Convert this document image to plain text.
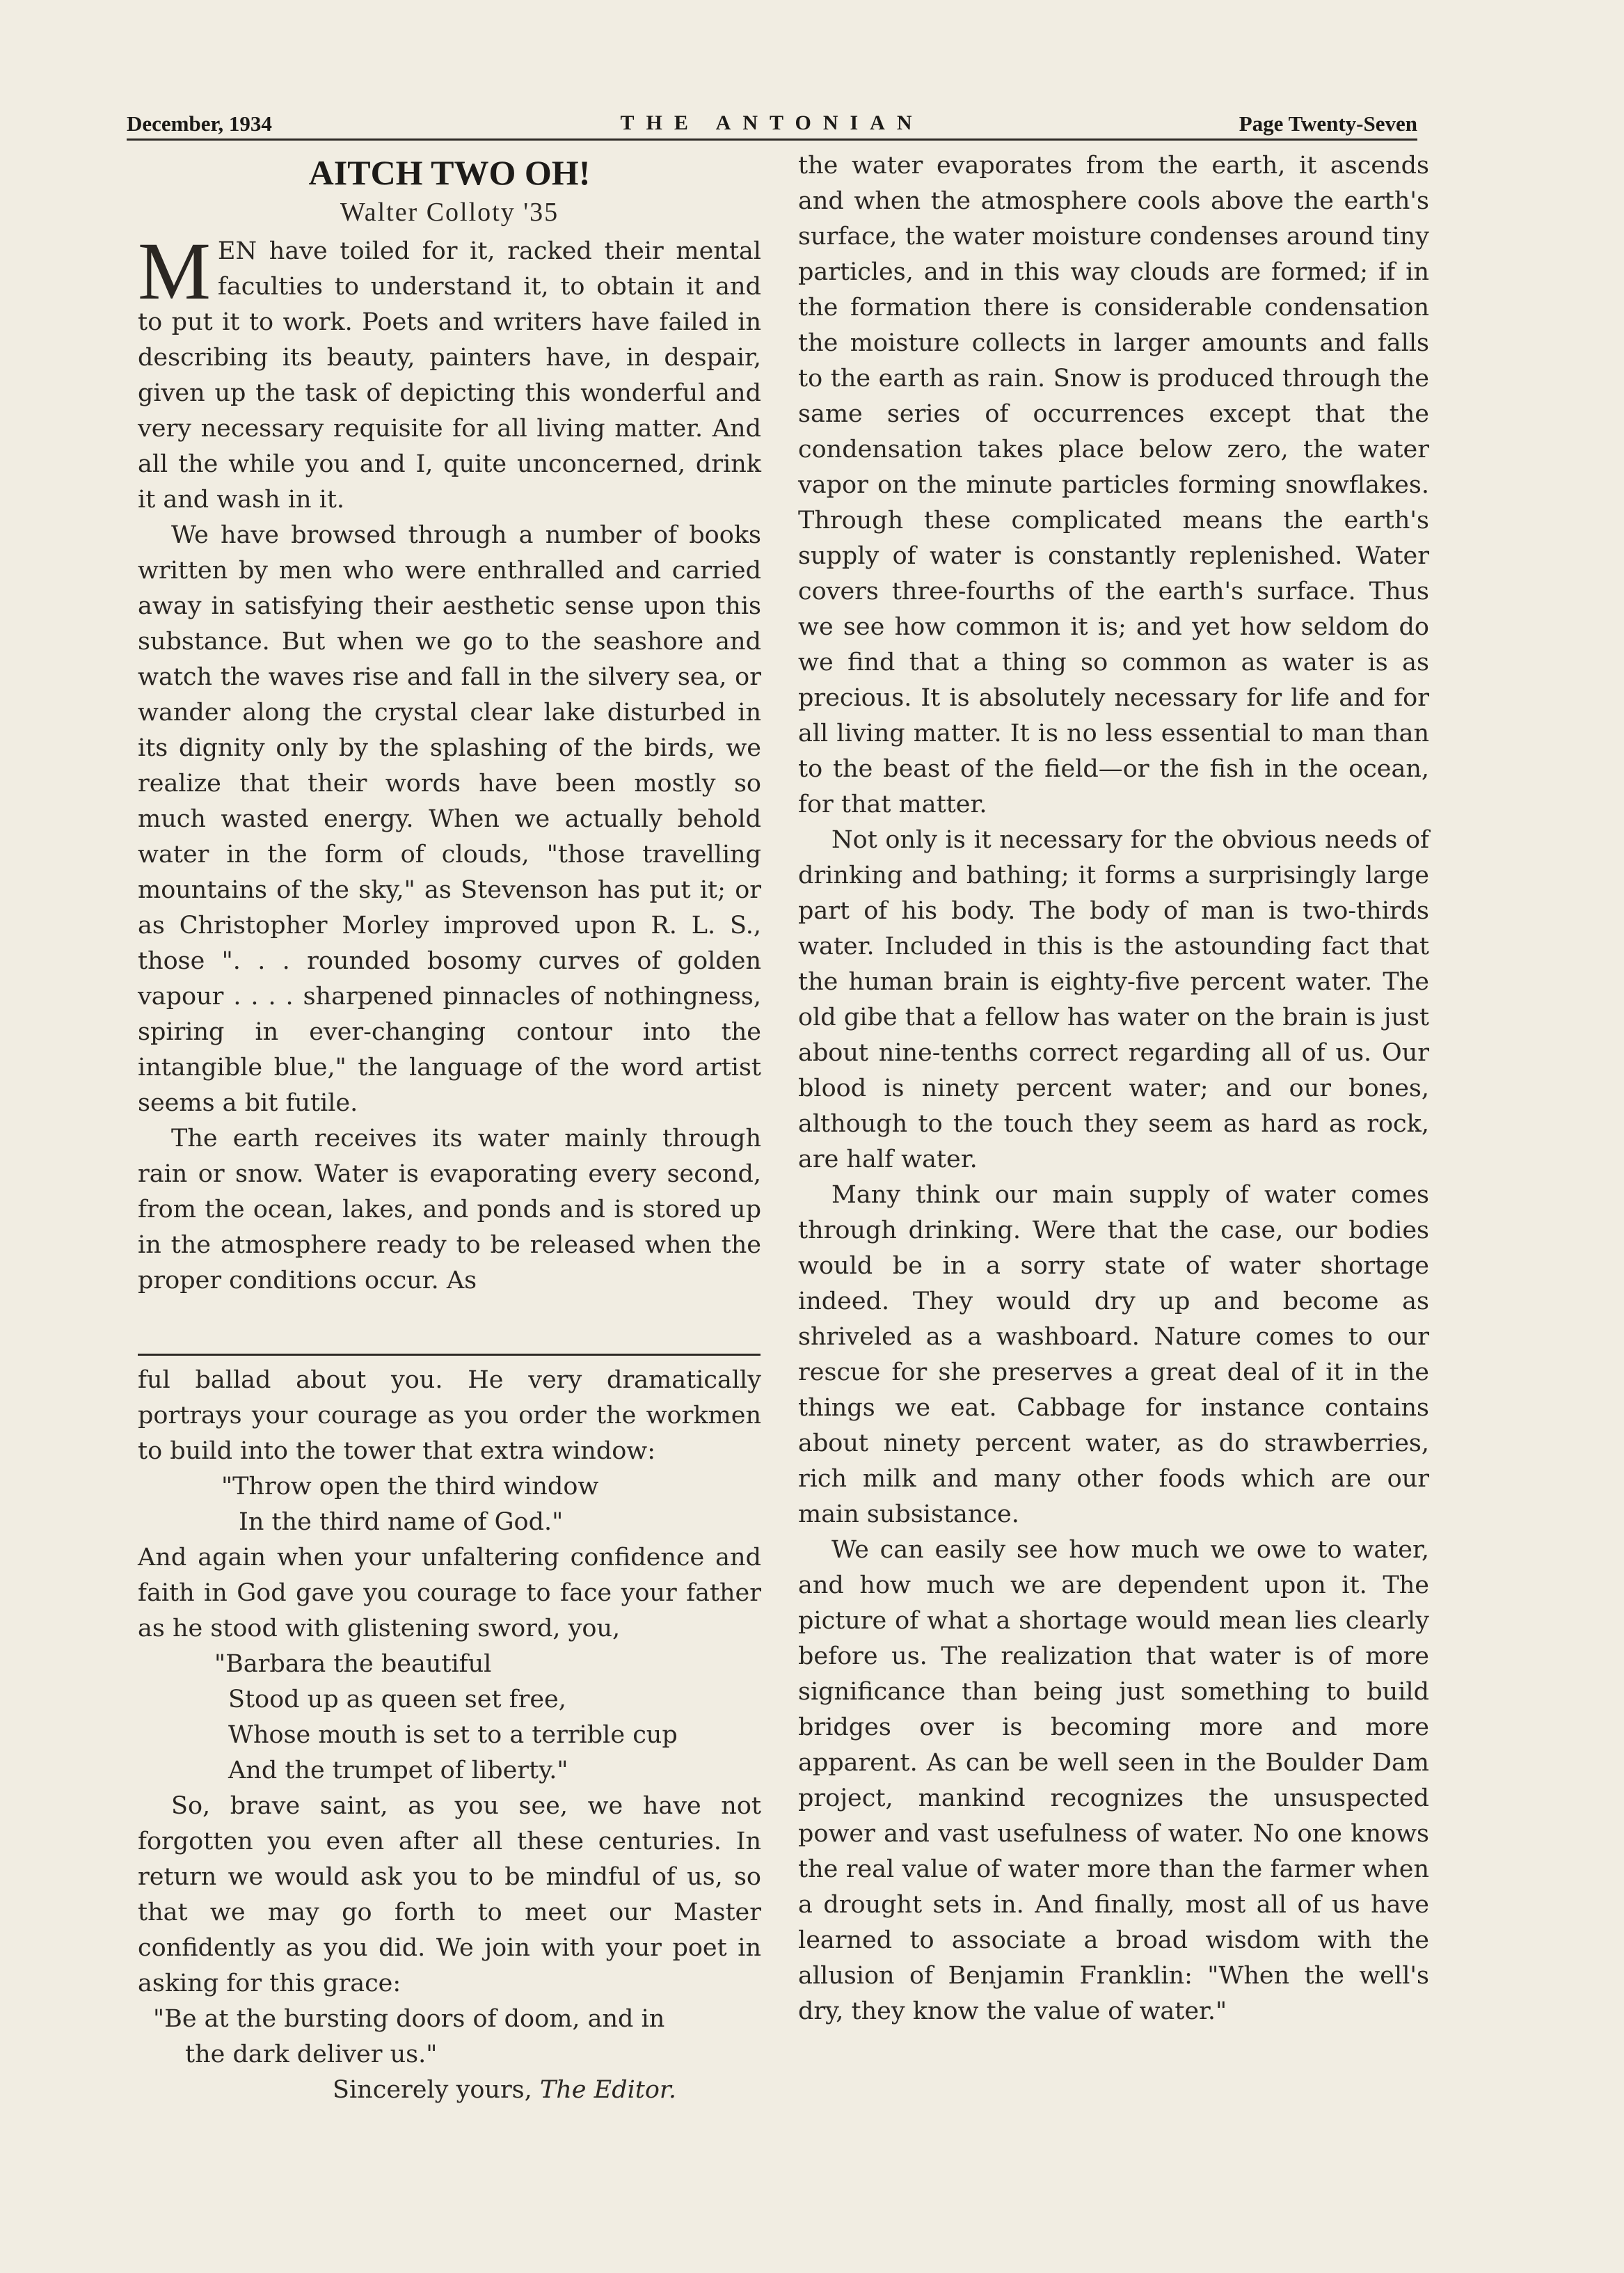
December, 1934	THE ANTONIAN	Page Twenty-Seven
AITCH TWO OH!
Walter Colloty '35

MEN have toiled for it, racked their mental faculties to understand it, to obtain it and to put it to work. Poets and writers have failed in describing its beauty, painters have, in despair, given up the task of depicting this wonderful and very necessary requisite for all living matter. And all the while you and I, quite unconcerned, drink it and wash in it.

We have browsed through a number of books written by men who were enthralled and carried away in satisfying their aesthetic sense upon this substance. But when we go to the seashore and watch the waves rise and fall in the silvery sea, or wander along the crystal clear lake disturbed in its dignity only by the splashing of the birds, we realize that their words have been mostly so much wasted energy. When we actually behold water in the form of clouds, "those travelling mountains of the sky," as Stevenson has put it; or as Christopher Morley improved upon R. L. S., those ". . . rounded bosomy curves of golden vapour . . . . sharpened pinnacles of nothingness, spiring in ever-changing contour into the intangible blue," the language of the word artist seems a bit futile.

The earth receives its water mainly through rain or snow. Water is evaporating every second, from the ocean, lakes, and ponds and is stored up in the atmosphere ready to be released when the proper conditions occur. As

ful ballad about you. He very dramatically portrays your courage as you order the workmen to build into the tower that extra window:

"Throw open the third window
In the third name of God."

And again when your unfaltering confidence and faith in God gave you courage to face your father as he stood with glistening sword, you,

"Barbara the beautiful
Stood up as queen set free,
Whose mouth is set to a terrible cup
And the trumpet of liberty."

So, brave saint, as you see, we have not forgotten you even after all these centuries. In return we would ask you to be mindful of us, so that we may go forth to meet our Master confidently as you did. We join with your poet in asking for this grace:

"Be at the bursting doors of doom, and in
the dark deliver us."
Sincerely yours, The Editor.

the water evaporates from the earth, it ascends and when the atmosphere cools above the earth's surface, the water moisture condenses around tiny particles, and in this way clouds are formed; if in the formation there is considerable condensation the moisture collects in larger amounts and falls to the earth as rain. Snow is produced through the same series of occurrences except that the condensation takes place below zero, the water vapor on the minute particles forming snowflakes. Through these complicated means the earth's supply of water is constantly replenished. Water covers three-fourths of the earth's surface. Thus we see how common it is; and yet how seldom do we find that a thing so common as water is as precious. It is absolutely necessary for life and for all living matter. It is no less essential to man than to the beast of the field—or the fish in the ocean, for that matter.

Not only is it necessary for the obvious needs of drinking and bathing; it forms a surprisingly large part of his body. The body of man is two-thirds water. Included in this is the astounding fact that the human brain is eighty-five percent water. The old gibe that a fellow has water on the brain is just about nine-tenths correct regarding all of us. Our blood is ninety percent water; and our bones, although to the touch they seem as hard as rock, are half water.

Many think our main supply of water comes through drinking. Were that the case, our bodies would be in a sorry state of water shortage indeed. They would dry up and become as shriveled as a washboard. Nature comes to our rescue for she preserves a great deal of it in the things we eat. Cabbage for instance contains about ninety percent water, as do strawberries, rich milk and many other foods which are our main subsistance.

We can easily see how much we owe to water, and how much we are dependent upon it. The picture of what a shortage would mean lies clearly before us. The realization that water is of more significance than being just something to build bridges over is becoming more and more apparent. As can be well seen in the Boulder Dam project, mankind recognizes the unsuspected power and vast usefulness of water. No one knows the real value of water more than the farmer when a drought sets in. And finally, most all of us have learned to associate a broad wisdom with the allusion of Benjamin Franklin: "When the well's dry, they know the value of water."
